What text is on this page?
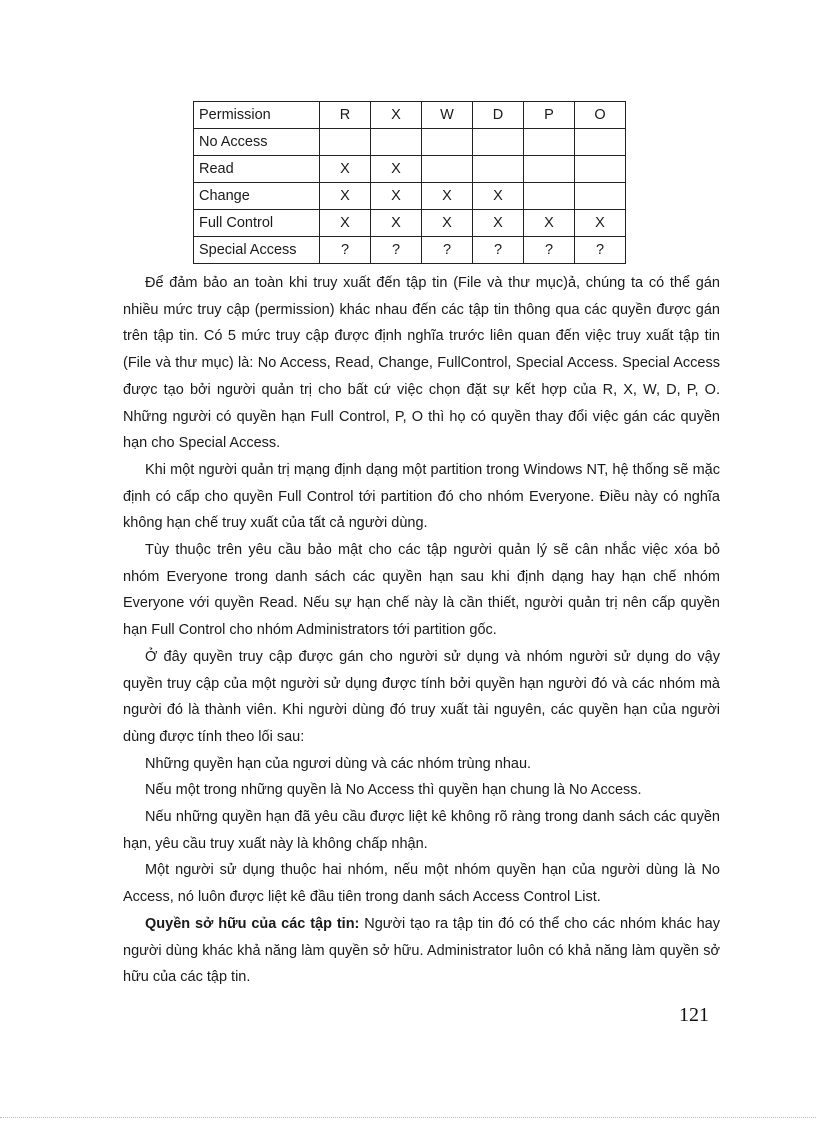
Permission	R	X	W	D	P	O
No Access						
Read	X	X				
Change	X	X	X	X		
Full Control	X	X	X	X	X	X
Special Access	?	?	?	?	?	?

Để đảm bảo an toàn khi truy xuất đến tập tin (File và thư mục)ả, chúng ta có thể gán nhiều mức truy cập (permission) khác nhau đến các tập tin thông qua các quyền được gán trên tập tin. Có 5 mức truy cập được định nghĩa trước liên quan đến việc truy xuất tập tin (File và thư mục) là: No Access, Read, Change, FullControl, Special Access. Special Access được tạo bởi người quản trị cho bất cứ việc chọn đặt sự kết hợp của R, X, W, D, P, O. Những người có quyền hạn Full Control, P, O thì họ có quyền thay đổi việc gán các quyền hạn cho Special Access.

Khi một người quản trị mạng định dạng một partition trong Windows NT, hệ thống sẽ mặc định có cấp cho quyền Full Control tới partition đó cho nhóm Everyone. Điều này có nghĩa không hạn chế truy xuất của tất cả người dùng.

Tùy thuộc trên yêu cầu bảo mật cho các tập người quản lý sẽ cân nhắc việc xóa bỏ nhóm Everyone trong danh sách các quyền hạn sau khi định dạng hay hạn chế nhóm Everyone với quyền Read. Nếu sự hạn chế này là cần thiết, người quản trị nên cấp quyền hạn Full Control cho nhóm Administrators tới partition gốc.

Ở đây quyền truy cập được gán cho người sử dụng và nhóm người sử dụng do vậy quyền truy cập của một người sử dụng được tính bởi quyền hạn người đó và các nhóm mà người đó là thành viên. Khi người dùng đó truy xuất tài nguyên, các quyền hạn của người dùng được tính theo lối sau:

Những quyền hạn của ngươi dùng và các nhóm trùng nhau.

Nếu một trong những quyền là No Access thì quyền hạn chung là No Access.

Nếu những quyền hạn đã yêu cầu được liệt kê không rõ ràng trong danh sách các quyền hạn, yêu cầu truy xuất này là không chấp nhận.

Một người sử dụng thuộc hai nhóm, nếu một nhóm quyền hạn của người dùng là No Access, nó luôn được liệt kê đầu tiên trong danh sách Access Control List.

Quyền sở hữu của các tập tin: Người tạo ra tập tin đó có thể cho các nhóm khác hay người dùng khác khả năng làm quyền sở hữu. Administrator luôn có khả năng làm quyền sở hữu của các tập tin.

121
